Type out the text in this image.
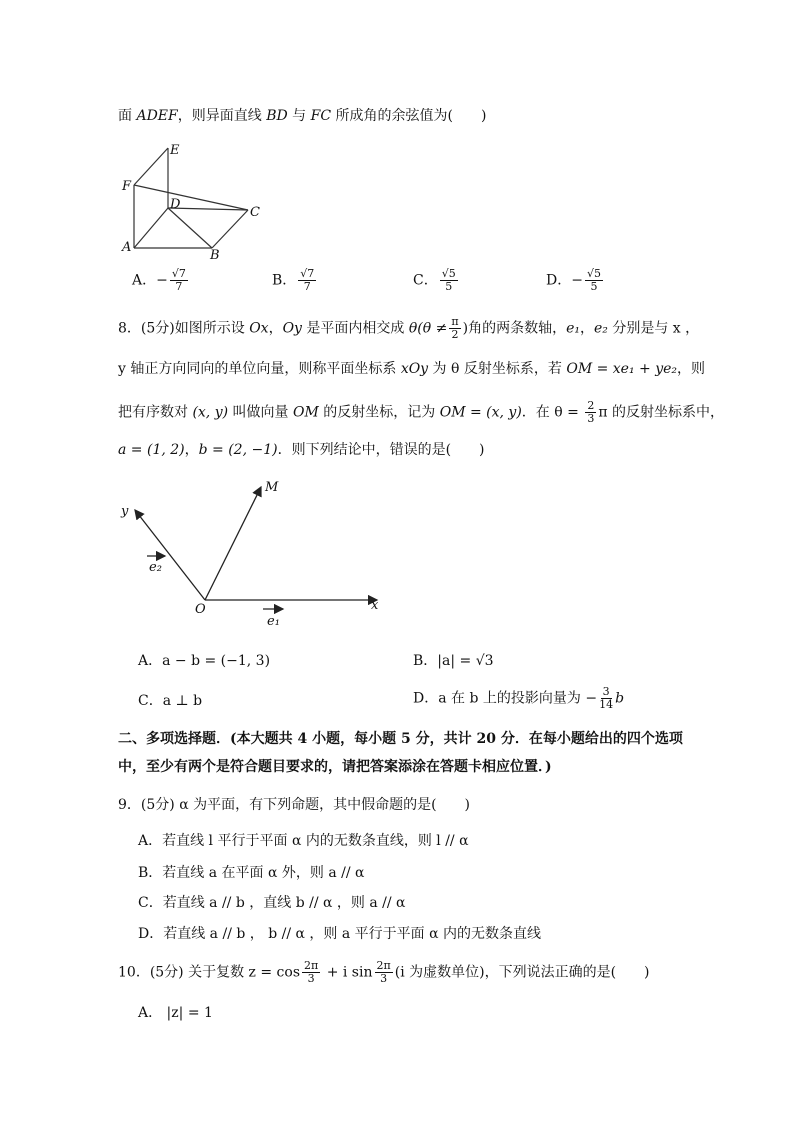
面 ADEF，则异面直线 BD 与 FC 所成角的余弦值为(　　)
E
F
D
C
A
B
A．− $\frac{√7}{7}$	B． $\frac{√7}{7}$	C． $\frac{√5}{5}$	D．− $\frac{√5}{5}$
8．(5分)如图所示设 Ox，Oy 是平面内相交成 $\theta(\theta \ne \frac{\pi}{2}$ )角的两条数轴，e₁，e₂ 分别是与 x ，
y 轴正方向同向的单位向量，则称平面坐标系 xOy 为 θ 反射坐标系，若 OM = xe₁ + ye₂，则
把有序数对 (x, y) 叫做向量 OM 的反射坐标，记为 OM = (x, y)．在 $\theta = \frac{2}{3}$ π 的反射坐标系中，
a = (1, 2)，b = (2, −1)．则下列结论中，错误的是(　　)
y
M
e₂
O	x
e₁
A．a − b = (−1, 3)	B．|a| = √3
C．a ⊥ b	D．a 在 b 上的投影向量为 − $\frac{3}{14}$ b
二、多项选择题．(本大题共 4 小题，每小题 5 分，共计 20 分．在每小题给出的四个选项
中，至少有两个是符合题目要求的，请把答案添涂在答题卡相应位置．)
9．(5分) α 为平面，有下列命题，其中假命题的是(　　)
A．若直线 l 平行于平面 α 内的无数条直线，则 l // α
B．若直线 a 在平面 α 外，则 a // α
C．若直线 a // b ，直线 b // α ，则 a // α
D．若直线 a // b ， b // α ，则 a 平行于平面 α 内的无数条直线
10．(5分) 关于复数 $z = \cos \frac{2\pi}{3} + i$ $\sin \frac{2\pi}{3} (i$ 为虚数单位)，下列说法正确的是(　　)
A． |z| = 1
